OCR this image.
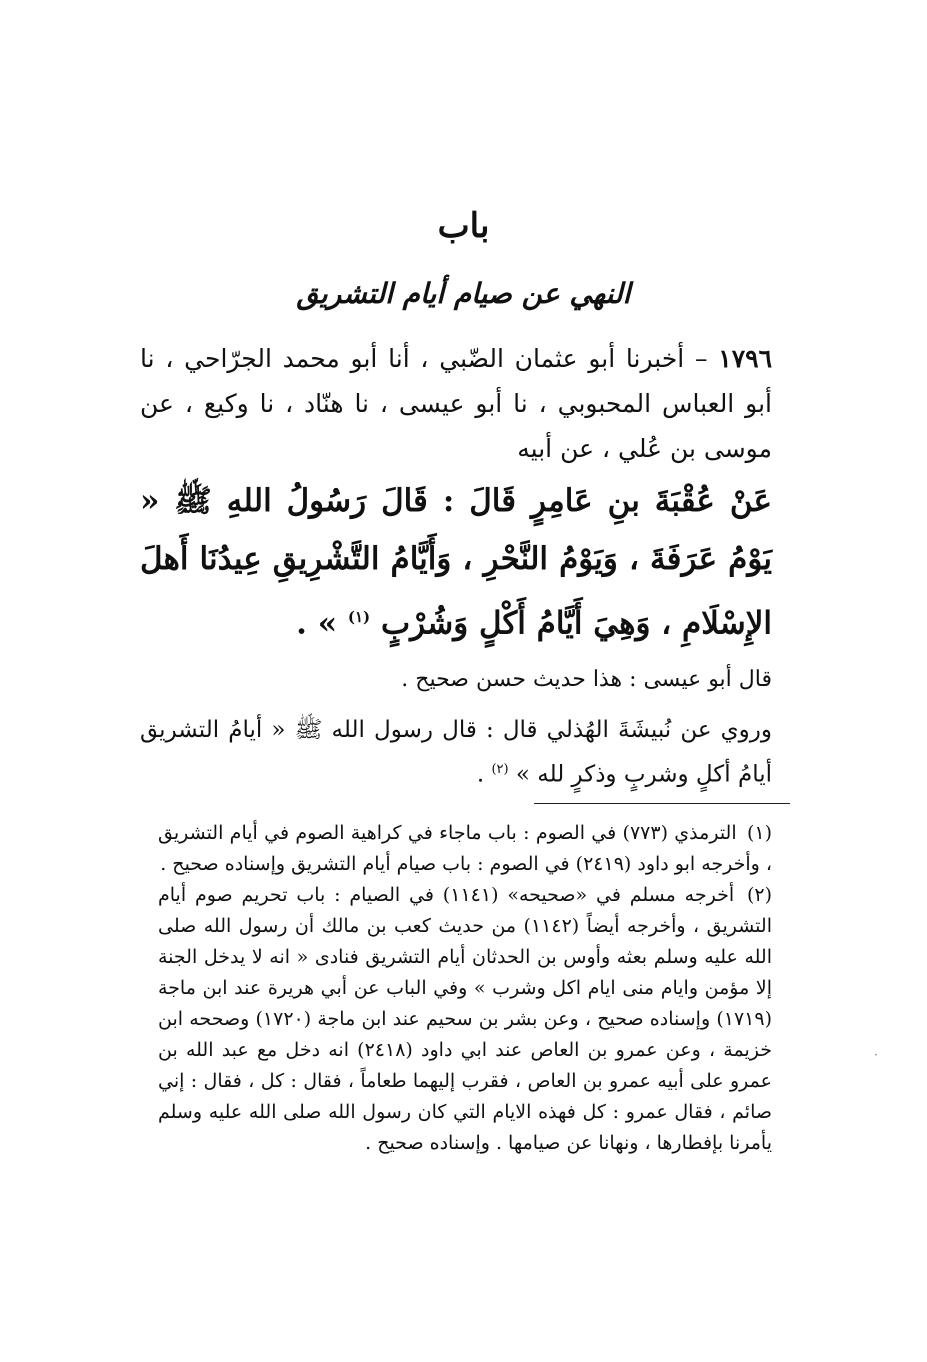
باب
النهي عن صيام أيام التشريق
١٧٩٦ – أخبرنا أبو عثمان الضّبي ، أنا أبو محمد الجرّاحي ، نا أبو العباس المحبوبي ، نا أبو عيسى ، نا هنّاد ، نا وكيع ، عن موسى بن عُلي ، عن أبيه
عَنْ عُقْبَةَ بنِ عَامِرٍ قَالَ : قَالَ رَسُولُ اللهِ ﷺ « يَوْمُ عَرَفَةَ ، وَيَوْمُ النَّحْرِ ، وَأَيَّامُ التَّشْرِيقِ عِيدُنَا أَهلَ الإِسْلَامِ ، وَهِيَ أَيَّامُ أَكْلٍ وَشُرْبٍ $^{(١)}$ » .
قال أبو عيسى : هذا حديث حسن صحيح .
وروي عن نُبيشَةَ الهُذلي قال : قال رسول الله ﷺ « أيامُ التشريق أيامُ أكلٍ وشربٍ وذكرٍ لله » $^{(٢)}$ .

(١) الترمذي (٧٧٣) في الصوم : باب ماجاء في كراهية الصوم في أيام التشريق ، وأخرجه ابو داود (٢٤١٩) في الصوم : باب صيام أيام التشريق وإسناده صحيح .

(٢) أخرجه مسلم في «صحيحه» (١١٤١) في الصيام : باب تحريم صوم أيام التشريق ، وأخرجه أيضاً (١١٤٢) من حديث كعب بن مالك أن رسول الله صلى الله عليه وسلم بعثه وأوس بن الحدثان أيام التشريق فنادى « انه لا يدخل الجنة إلا مؤمن وايام منى ايام اكل وشرب » وفي الباب عن أبي هريرة عند ابن ماجة (١٧١٩) وإسناده صحيح ، وعن بشر بن سحيم عند ابن ماجة (١٧٢٠) وصححه ابن خزيمة ، وعن عمرو بن العاص عند ابي داود (٢٤١٨) انه دخل مع عبد الله بن عمرو على أبيه عمرو بن العاص ، فقرب إليهما طعاماً ، فقال : كل ، فقال : إني صائم ، فقال عمرو : كل فهذه الايام التي كان رسول الله صلى الله عليه وسلم يأمرنا بإفطارها ، ونهانا عن صيامها . وإسناده صحيح .

·
